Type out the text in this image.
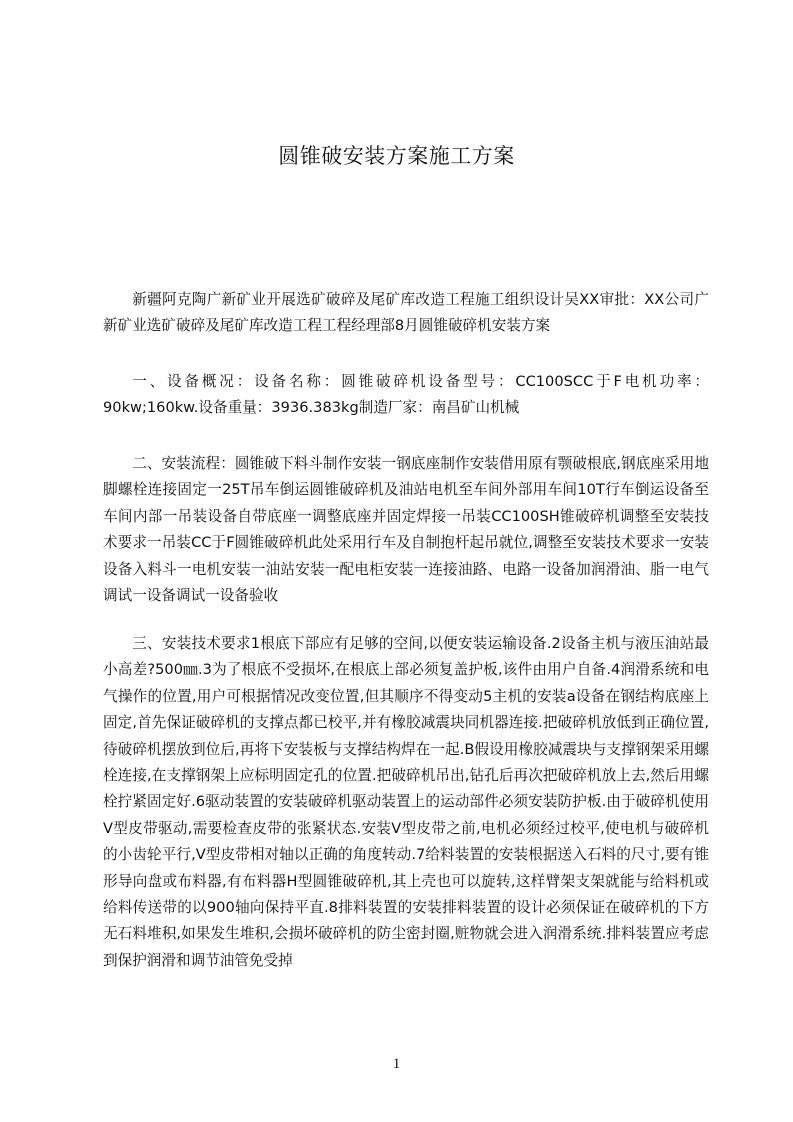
圆锥破安装方案施工方案
新疆阿克陶广新矿业开展选矿破碎及尾矿库改造工程施工组织设计吴XX审批：XX公司广新矿业选矿破碎及尾矿库改造工程工程经理部8月圆锥破碎机安装方案
一、设备概况：设备名称：圆锥破碎机设备型号：CC100SCC于F电机功率：90kw;160kw.设备重量：3936.383kg制造厂家：南昌矿山机械
二、安装流程：圆锥破下料斗制作安装一钢底座制作安装借用原有颚破根底,钢底座采用地脚螺栓连接固定一25T吊车倒运圆锥破碎机及油站电机至车间外部用车间10T行车倒运设备至车间内部一吊装设备自带底座一调整底座并固定焊接一吊装CC100SH锥破碎机调整至安装技术要求一吊装CC于F圆锥破碎机此处采用行车及自制抱杆起吊就位,调整至安装技术要求一安装设备入料斗一电机安装一油站安装一配电柜安装一连接油路、电路一设备加润滑油、脂一电气调试一设备调试一设备验收
三、安装技术要求1根底下部应有足够的空间,以便安装运输设备.2设备主机与液压油站最小高差?500㎜.3为了根底不受损坏,在根底上部必须复盖护板,该件由用户自备.4润滑系统和电气操作的位置,用户可根据情况改变位置,但其顺序不得变动5主机的安装a设备在钢结构底座上固定,首先保证破碎机的支撑点都已校平,并有橡胶减震块同机器连接.把破碎机放低到正确位置,待破碎机摆放到位后,再将下安装板与支撑结构焊在一起.B假设用橡胶减震块与支撑钢架采用螺栓连接,在支撑钢架上应标明固定孔的位置.把破碎机吊出,钻孔后再次把破碎机放上去,然后用螺栓拧紧固定好.6驱动装置的安装破碎机驱动装置上的运动部件必须安装防护板.由于破碎机使用V型皮带驱动,需要检查皮带的张紧状态.安装V型皮带之前,电机必须经过校平,使电机与破碎机的小齿轮平行,V型皮带相对轴以正确的角度转动.7给料装置的安装根据送入石料的尺寸,要有锥形导向盘或布料器,有布料器H型圆锥破碎机,其上壳也可以旋转,这样臂架支架就能与给料机或给料传送带的以900轴向保持平直.8排料装置的安装排料装置的设计必须保证在破碎机的下方无石料堆积,如果发生堆积,会损坏破碎机的防尘密封圈,赃物就会进入润滑系统.排料装置应考虑到保护润滑和调节油管免受掉
1
